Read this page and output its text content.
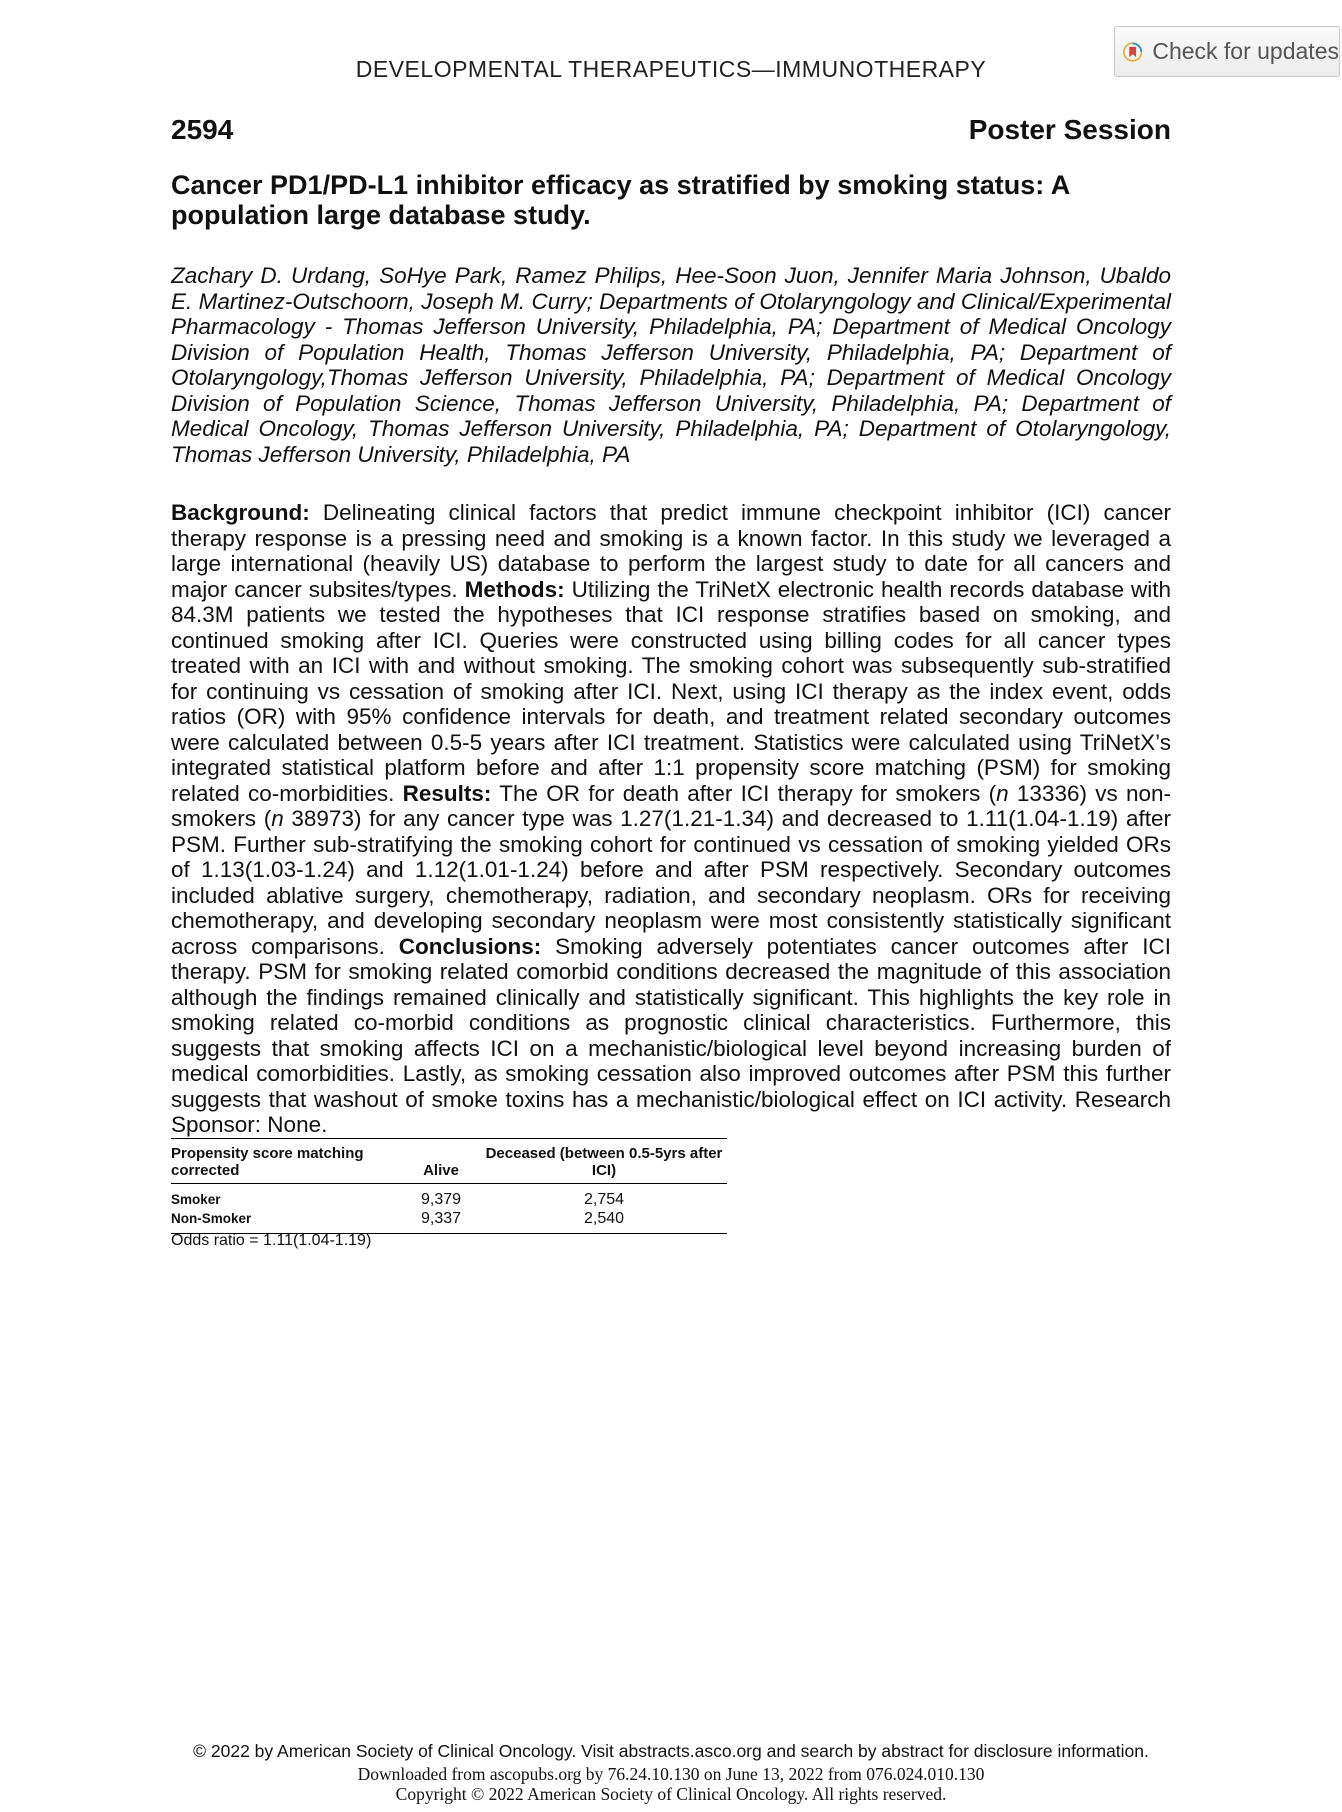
DEVELOPMENTAL THERAPEUTICS—IMMUNOTHERAPY
Check for updates
2594	Poster Session
Cancer PD1/PD-L1 inhibitor efficacy as stratified by smoking status: A population large database study.
Zachary D. Urdang, SoHye Park, Ramez Philips, Hee-Soon Juon, Jennifer Maria Johnson, Ubaldo E. Martinez-Outschoorn, Joseph M. Curry; Departments of Otolaryngology and Clinical/Experimental Pharmacology - Thomas Jefferson University, Philadelphia, PA; Department of Medical Oncology Division of Population Health, Thomas Jefferson University, Philadelphia, PA; Department of Otolaryngology,Thomas Jefferson University, Philadelphia, PA; Department of Medical Oncology Division of Population Science, Thomas Jefferson University, Philadelphia, PA; Department of Medical Oncology, Thomas Jefferson University, Philadelphia, PA; Department of Otolaryngology, Thomas Jefferson University, Philadelphia, PA
Background: Delineating clinical factors that predict immune checkpoint inhibitor (ICI) cancer therapy response is a pressing need and smoking is a known factor. In this study we leveraged a large international (heavily US) database to perform the largest study to date for all cancers and major cancer subsites/types. Methods: Utilizing the TriNetX electronic health records database with 84.3M patients we tested the hypotheses that ICI response stratifies based on smoking, and continued smoking after ICI. Queries were constructed using billing codes for all cancer types treated with an ICI with and without smoking. The smoking cohort was subsequently sub-stratified for continuing vs cessation of smoking after ICI. Next, using ICI therapy as the index event, odds ratios (OR) with 95% confidence intervals for death, and treatment related secondary outcomes were calculated between 0.5-5 years after ICI treatment. Statistics were calculated using TriNetX’s integrated statistical platform before and after 1:1 propensity score matching (PSM) for smoking related co-morbidities. Results: The OR for death after ICI therapy for smokers (n 13336) vs non-smokers (n 38973) for any cancer type was 1.27(1.21-1.34) and decreased to 1.11(1.04-1.19) after PSM. Further sub-stratifying the smoking cohort for continued vs cessation of smoking yielded ORs of 1.13(1.03-1.24) and 1.12(1.01-1.24) before and after PSM respectively. Secondary outcomes included ablative surgery, chemotherapy, radiation, and secondary neoplasm. ORs for receiving chemotherapy, and developing secondary neoplasm were most consistently statistically significant across comparisons. Conclusions: Smoking adversely potentiates cancer outcomes after ICI therapy. PSM for smoking related comorbid conditions decreased the magnitude of this association although the findings remained clinically and statistically significant. This highlights the key role in smoking related co-morbid conditions as prognostic clinical characteristics. Furthermore, this suggests that smoking affects ICI on a mechanistic/biological level beyond increasing burden of medical comorbidities. Lastly, as smoking cessation also improved outcomes after PSM this further suggests that washout of smoke toxins has a mechanistic/biological effect on ICI activity. Research Sponsor: None.
Propensity score matching corrected	Alive	Deceased (between 0.5-5yrs after ICI)
Smoker	9,379	2,754
Non-Smoker	9,337	2,540
Odds ratio = 1.11(1.04-1.19)
© 2022 by American Society of Clinical Oncology. Visit abstracts.asco.org and search by abstract for disclosure information.
Downloaded from ascopubs.org by 76.24.10.130 on June 13, 2022 from 076.024.010.130
Copyright © 2022 American Society of Clinical Oncology. All rights reserved.
